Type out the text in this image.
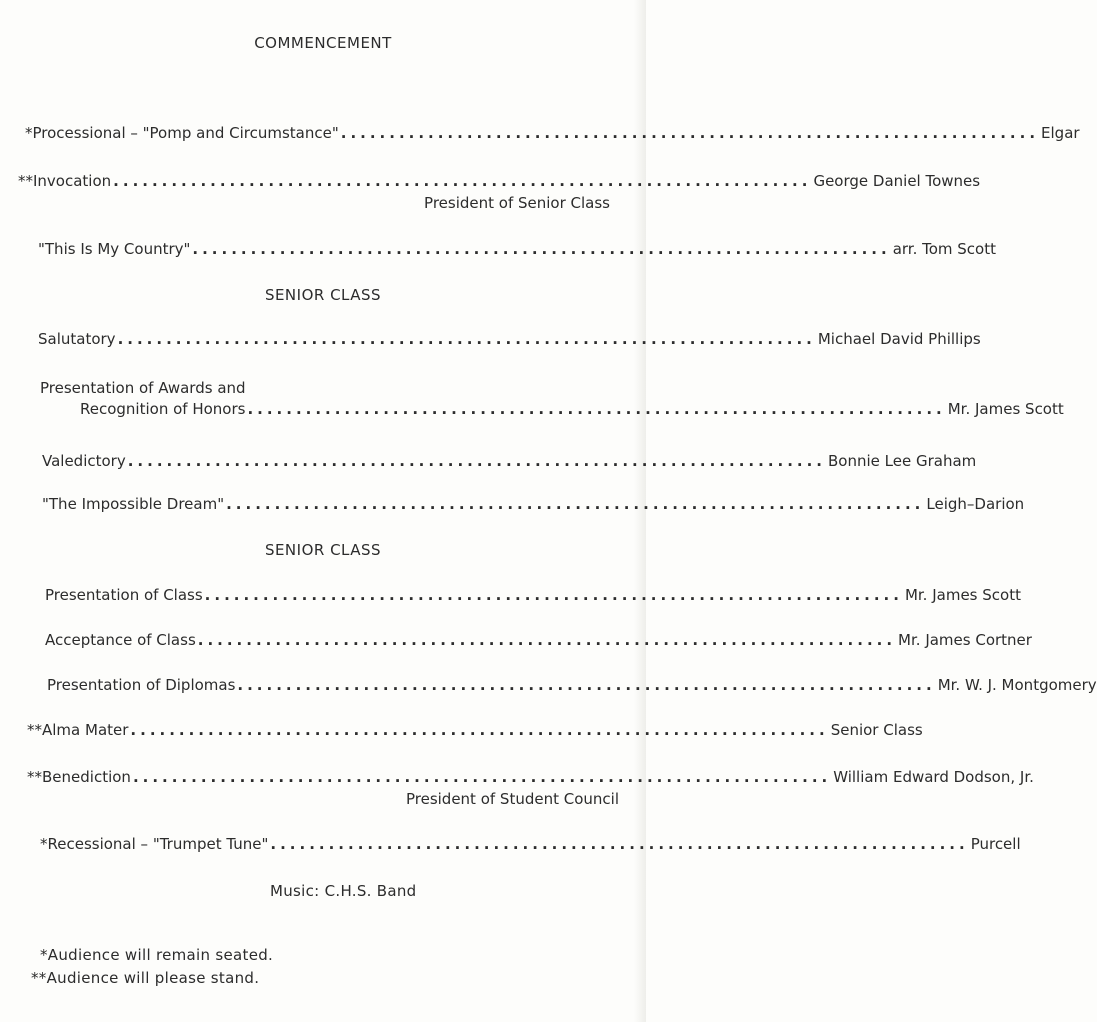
COMMENCEMENT
*Processional – "Pomp and Circumstance" ........................................................................ Elgar
**Invocation ........................................................................ George Daniel Townes
President of Senior Class
"This Is My Country" ........................................................................ arr. Tom Scott
SENIOR CLASS
Salutatory ........................................................................ Michael David Phillips
Presentation of Awards and
Recognition of Honors ........................................................................ Mr. James Scott
Valedictory ........................................................................ Bonnie Lee Graham
"The Impossible Dream" ........................................................................ Leigh–Darion
SENIOR CLASS
Presentation of Class ........................................................................ Mr. James Scott
Acceptance of Class ........................................................................ Mr. James Cortner
Presentation of Diplomas ........................................................................ Mr. W. J. Montgomery
**Alma Mater ........................................................................ Senior Class
**Benediction ........................................................................ William Edward Dodson, Jr.
President of Student Council
*Recessional – "Trumpet Tune" ........................................................................ Purcell
Music: C.H.S. Band
*Audience will remain seated.
**Audience will please stand.
